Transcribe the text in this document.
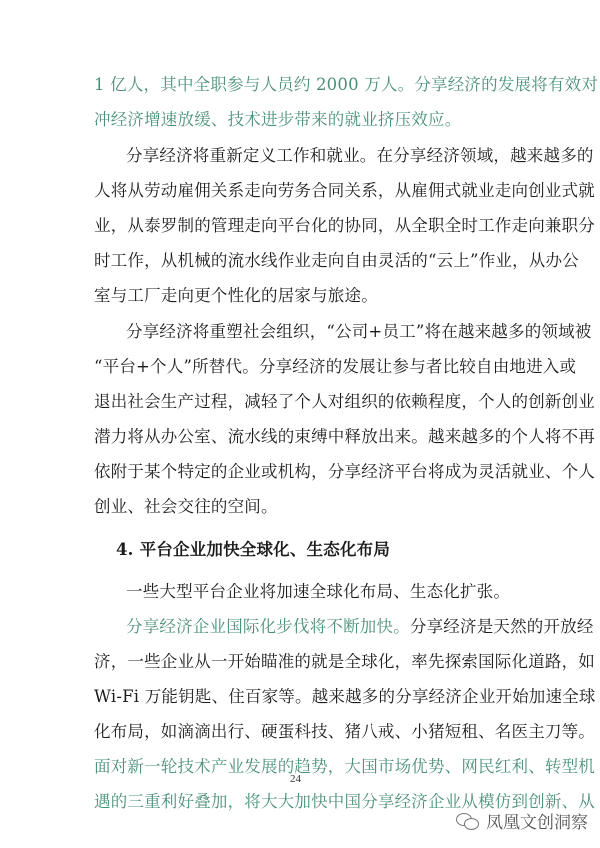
1 亿人，其中全职参与人员约 2000 万人。分享经济的发展将有效对
冲经济增速放缓、技术进步带来的就业挤压效应。
分享经济将重新定义工作和就业。在分享经济领域，越来越多的
人将从劳动雇佣关系走向劳务合同关系，从雇佣式就业走向创业式就
业，从泰罗制的管理走向平台化的协同，从全职全时工作走向兼职分
时工作，从机械的流水线作业走向自由灵活的“云上”作业，从办公
室与工厂走向更个性化的居家与旅途。
分享经济将重塑社会组织，“公司+员工”将在越来越多的领域被
“平台+个人”所替代。分享经济的发展让参与者比较自由地进入或
退出社会生产过程，减轻了个人对组织的依赖程度，个人的创新创业
潜力将从办公室、流水线的束缚中释放出来。越来越多的个人将不再
依附于某个特定的企业或机构，分享经济平台将成为灵活就业、个人
创业、社会交往的空间。
4. 平台企业加快全球化、生态化布局
一些大型平台企业将加速全球化布局、生态化扩张。
分享经济企业国际化步伐将不断加快。分享经济是天然的开放经
济，一些企业从一开始瞄准的就是全球化，率先探索国际化道路，如
Wi-Fi 万能钥匙、住百家等。越来越多的分享经济企业开始加速全球
化布局，如滴滴出行、硬蛋科技、猪八戒、小猪短租、名医主刀等。
面对新一轮技术产业发展的趋势，大国市场优势、网民红利、转型机
遇的三重利好叠加，将大大加快中国分享经济企业从模仿到创新、从
24
凤凰文创洞察
